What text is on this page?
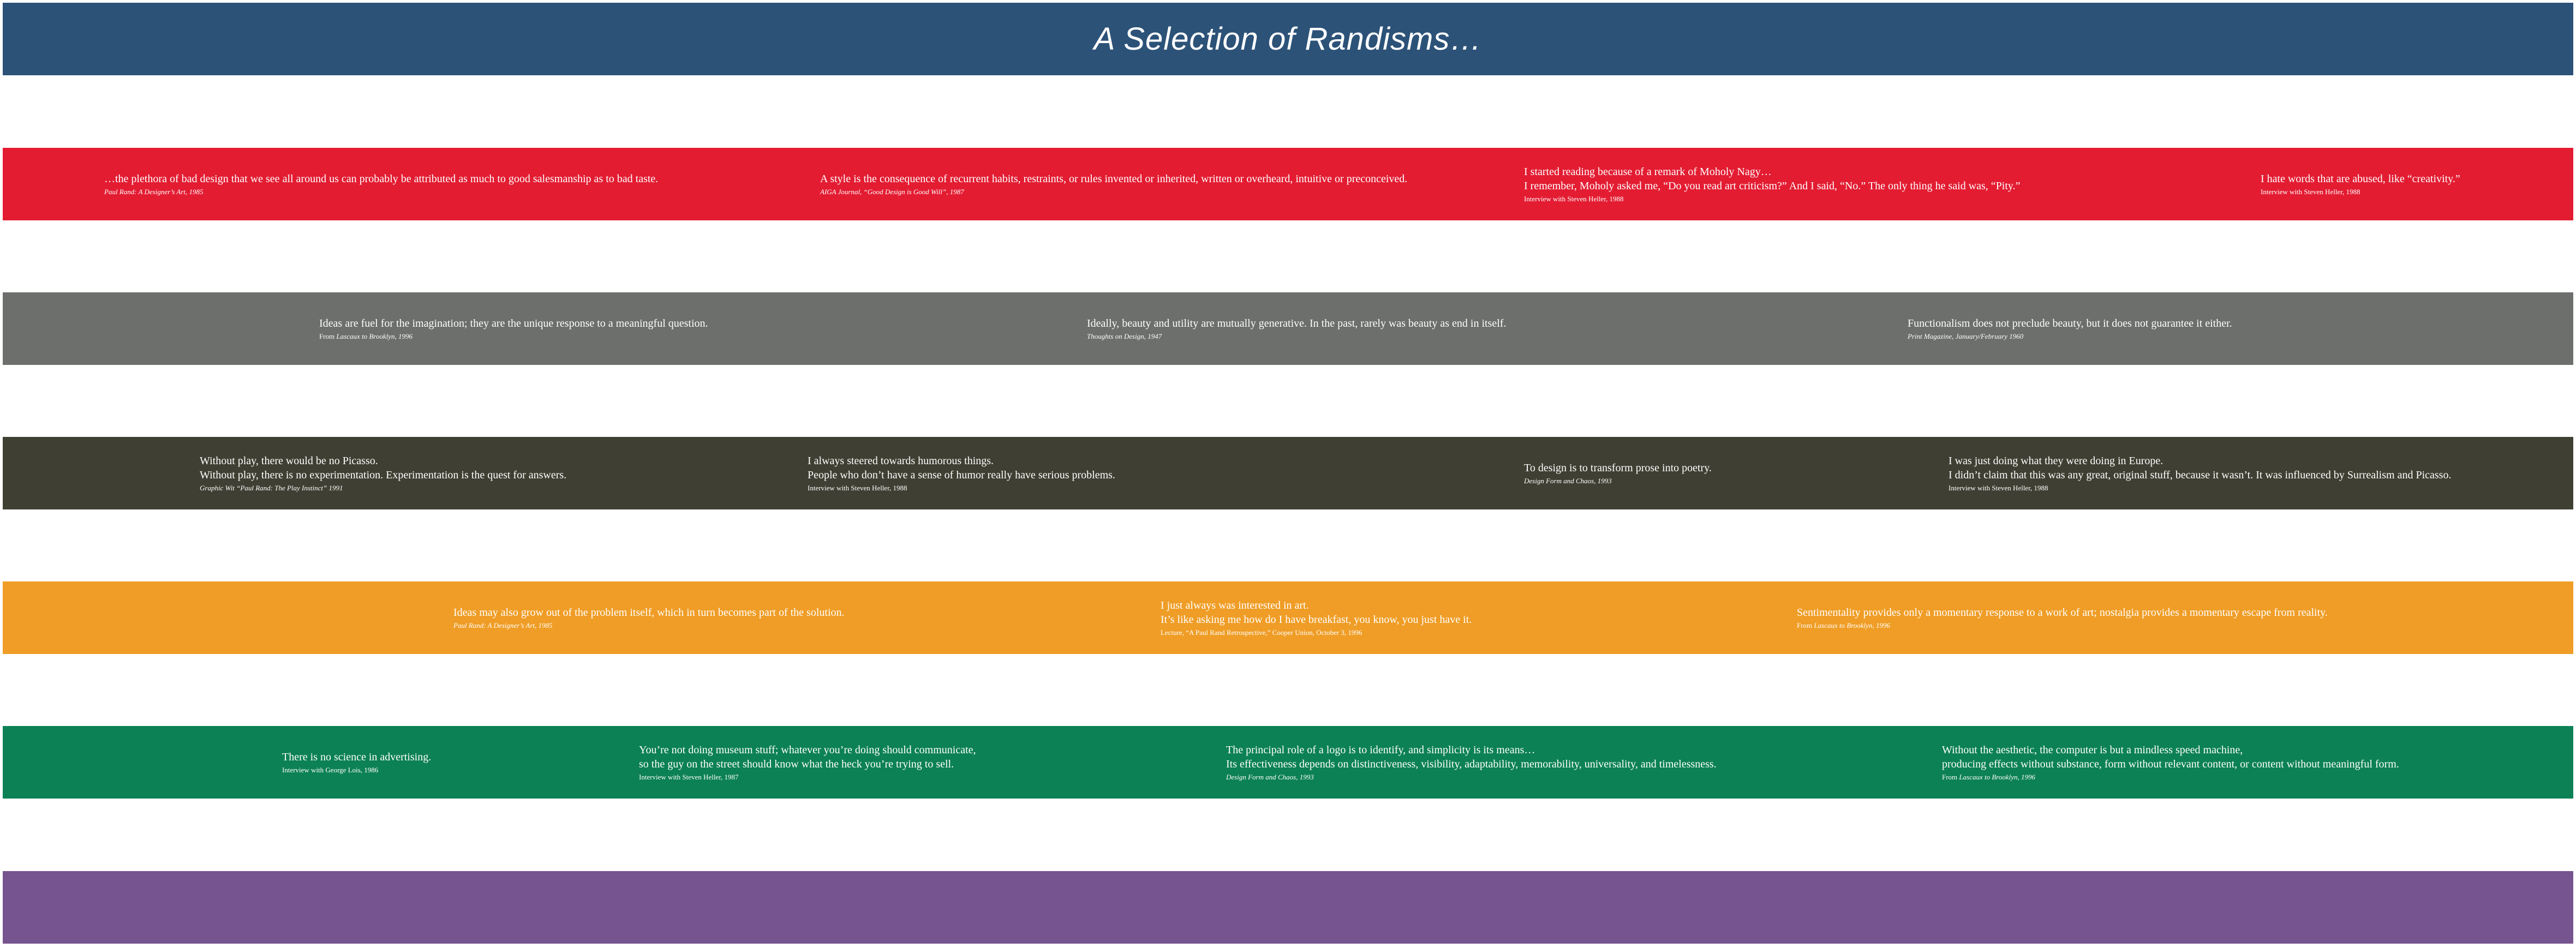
A Selection of Randisms…
…the plethora of bad design that we see all around us can probably be attributed as much to good salesmanship as to bad taste.
Paul Rand: A Designer’s Art, 1985
A style is the consequence of recurrent habits, restraints, or rules invented or inherited, written or overheard, intuitive or preconceived.
AIGA Journal, “Good Design is Good Will”, 1987
I started reading because of a remark of Moholy Nagy…
I remember, Moholy asked me, “Do you read art criticism?” And I said, “No.” The only thing he said was, “Pity.”
Interview with Steven Heller, 1988
I hate words that are abused, like “creativity.”
Interview with Steven Heller, 1988
Ideas are fuel for the imagination; they are the unique response to a meaningful question.
From Lascaux to Brooklyn, 1996
Ideally, beauty and utility are mutually generative. In the past, rarely was beauty as end in itself.
Thoughts on Design, 1947
Functionalism does not preclude beauty, but it does not guarantee it either.
Print Magazine, January/February 1960
Without play, there would be no Picasso.
Without play, there is no experimentation. Experimentation is the quest for answers.
Graphic Wit “Paul Rand: The Play Instinct” 1991
I always steered towards humorous things.
People who don’t have a sense of humor really have serious problems.
Interview with Steven Heller, 1988
To design is to transform prose into poetry.
Design Form and Chaos, 1993
I was just doing what they were doing in Europe.
I didn’t claim that this was any great, original stuff, because it wasn’t. It was influenced by Surrealism and Picasso.
Interview with Steven Heller, 1988
Ideas may also grow out of the problem itself, which in turn becomes part of the solution.
Paul Rand: A Designer’s Art, 1985
I just always was interested in art.
It’s like asking me how do I have breakfast, you know, you just have it.
Lecture, “A Paul Rand Retrospective,” Cooper Union, October 3, 1996
Sentimentality provides only a momentary response to a work of art; nostalgia provides a momentary escape from reality.
From Lascaux to Brooklyn, 1996
There is no science in advertising.
Interview with George Lois, 1986
You’re not doing museum stuff; whatever you’re doing should communicate,
so the guy on the street should know what the heck you’re trying to sell.
Interview with Steven Heller, 1987
The principal role of a logo is to identify, and simplicity is its means…
Its effectiveness depends on distinctiveness, visibility, adaptability, memorability, universality, and timelessness.
Design Form and Chaos, 1993
Without the aesthetic, the computer is but a mindless speed machine,
producing effects without substance, form without relevant content, or content without meaningful form.
From Lascaux to Brooklyn, 1996
